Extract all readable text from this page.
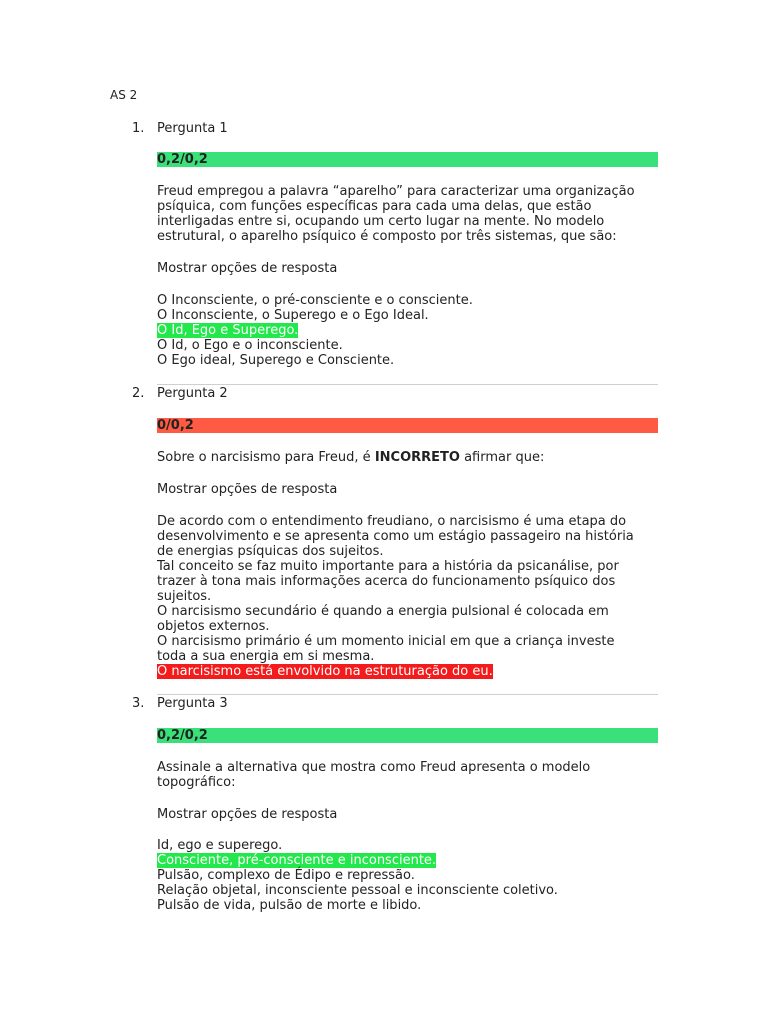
AS 2
1. Pergunta 1
0,2/0,2
Freud empregou a palavra “aparelho” para caracterizar uma organização
psíquica, com funções específicas para cada uma delas, que estão
interligadas entre si, ocupando um certo lugar na mente. No modelo
estrutural, o aparelho psíquico é composto por três sistemas, que são:
Mostrar opções de resposta
O Inconsciente, o pré-consciente e o consciente.
O Inconsciente, o Superego e o Ego Ideal.
O Id, Ego e Superego.
O Id, o Ego e o inconsciente.
O Ego ideal, Superego e Consciente.
2. Pergunta 2
0/0,2
Sobre o narcisismo para Freud, é INCORRETO afirmar que:
Mostrar opções de resposta
De acordo com o entendimento freudiano, o narcisismo é uma etapa do
desenvolvimento e se apresenta como um estágio passageiro na história
de energias psíquicas dos sujeitos.
Tal conceito se faz muito importante para a história da psicanálise, por
trazer à tona mais informações acerca do funcionamento psíquico dos
sujeitos.
O narcisismo secundário é quando a energia pulsional é colocada em
objetos externos.
O narcisismo primário é um momento inicial em que a criança investe
toda a sua energia em si mesma.
O narcisismo está envolvido na estruturação do eu.
3. Pergunta 3
0,2/0,2
Assinale a alternativa que mostra como Freud apresenta o modelo
topográfico:
Mostrar opções de resposta
Id, ego e superego.
Consciente, pré-consciente e inconsciente.
Pulsão, complexo de Édipo e repressão.
Relação objetal, inconsciente pessoal e inconsciente coletivo.
Pulsão de vida, pulsão de morte e libido.
